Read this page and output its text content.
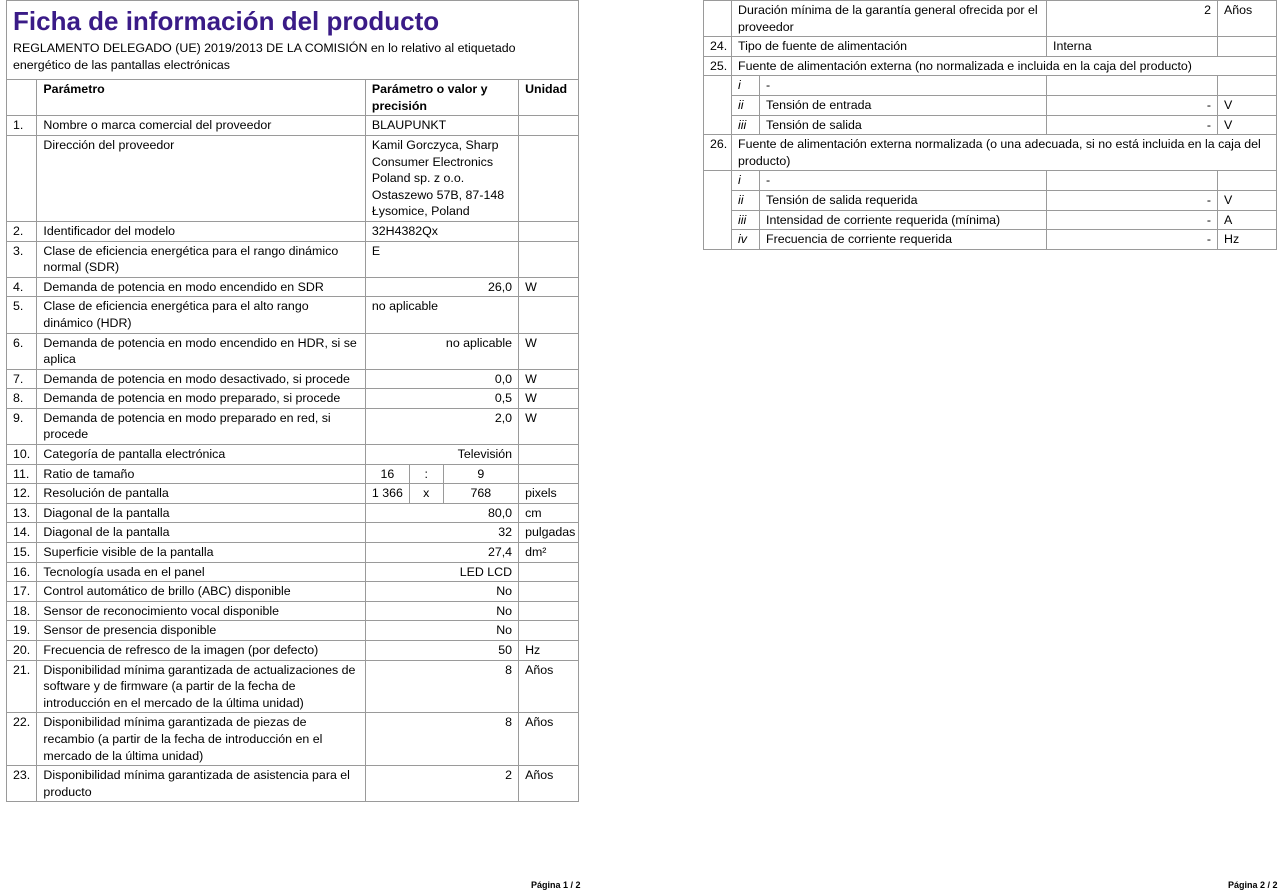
Ficha de información del producto
REGLAMENTO DELEGADO (UE) 2019/2013 DE LA COMISIÓN en lo relativo al etiquetado energético de las pantallas electrónicas					

	Parámetro	Parámetro o valor y precisión			Unidad
1.	Nombre o marca comercial del proveedor	BLAUPUNKT			
	Dirección del proveedor	Kamil Gorczyca, Sharp Consumer Electronics Poland sp. z o.o. Ostaszewo 57B, 87-148 Łysomice, Poland			
2.	Identificador del modelo	32H4382Qx			
3.	Clase de eficiencia energética para el rango dinámico normal (SDR)	E			
4.	Demanda de potencia en modo encendido en SDR	26,0			W
5.	Clase de eficiencia energética para el alto rango dinámico (HDR)	no aplicable			
6.	Demanda de potencia en modo encendido en HDR, si se aplica	no aplicable			W
7.	Demanda de potencia en modo desactivado, si procede	0,0			W
8.	Demanda de potencia en modo preparado, si procede	0,5			W
9.	Demanda de potencia en modo preparado en red, si procede	2,0			W
10.	Categoría de pantalla electrónica	Televisión			
11.	Ratio de tamaño	16	:	9	
12.	Resolución de pantalla	1 366	x	768	pixels
13.	Diagonal de la pantalla	80,0			cm
14.	Diagonal de la pantalla	32			pulgadas
15.	Superficie visible de la pantalla	27,4			dm²
16.	Tecnología usada en el panel	LED LCD			
17.	Control automático de brillo (ABC) disponible	No			
18.	Sensor de reconocimiento vocal disponible	No			
19.	Sensor de presencia disponible	No			
20.	Frecuencia de refresco de la imagen (por defecto)	50			Hz
21.	Disponibilidad mínima garantizada de actualizaciones de software y de firmware (a partir de la fecha de introducción en el mercado de la última unidad)	8			Años
22.	Disponibilidad mínima garantizada de piezas de recambio (a partir de la fecha de introducción en el mercado de la última unidad)	8			Años
23.	Disponibilidad mínima garantizada de asistencia para el producto	2			Años
	Duración mínima de la garantía general ofrecida por el proveedor		2	Años
24.	Tipo de fuente de alimentación		Interna	
25.	Fuente de alimentación externa (no normalizada e incluida en la caja del producto)			
	i	-		
	ii	Tensión de entrada	-	V
	iii	Tensión de salida	-	V
26.	Fuente de alimentación externa normalizada (o una adecuada, si no está incluida en la caja del producto)			
	i	-		
	ii	Tensión de salida requerida	-	V
	iii	Intensidad de corriente requerida (mínima)	-	A
	iv	Frecuencia de corriente requerida	-	Hz
Página 1 / 2	Página 2 / 2
